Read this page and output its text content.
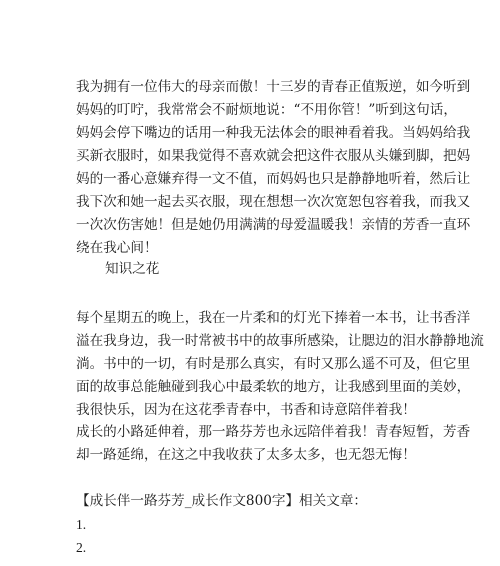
我为拥有一位伟大的母亲而傲！十三岁的青春正值叛逆，如今听到
妈妈的叮咛，我常常会不耐烦地说：“不用你管！”听到这句话，
妈妈会停下嘴边的话用一种我无法体会的眼神看着我。当妈妈给我
买新衣服时，如果我觉得不喜欢就会把这件衣服从头嫌到脚，把妈
妈的一番心意嫌弃得一文不值，而妈妈也只是静静地听着，然后让
我下次和她一起去买衣服，现在想想一次次宽恕包容着我，而我又
一次次伤害她！但是她仍用满满的母爱温暖我！亲情的芳香一直环
绕在我心间！

知识之花

每个星期五的晚上，我在一片柔和的灯光下捧着一本书，让书香洋
溢在我身边，我一时常被书中的故事所感染，让腮边的泪水静静地流
淌。书中的一切，有时是那么真实，有时又那么遥不可及，但它里
面的故事总能触碰到我心中最柔软的地方，让我感到里面的美妙，
我很快乐，因为在这花季青春中，书香和诗意陪伴着我！
成长的小路延伸着，那一路芬芳也永远陪伴着我！青春短暂，芳香
却一路延绵，在这之中我收获了太多太多，也无怨无悔！

【成长伴一路芬芳_成长作文800字】相关文章：

1.

2.
